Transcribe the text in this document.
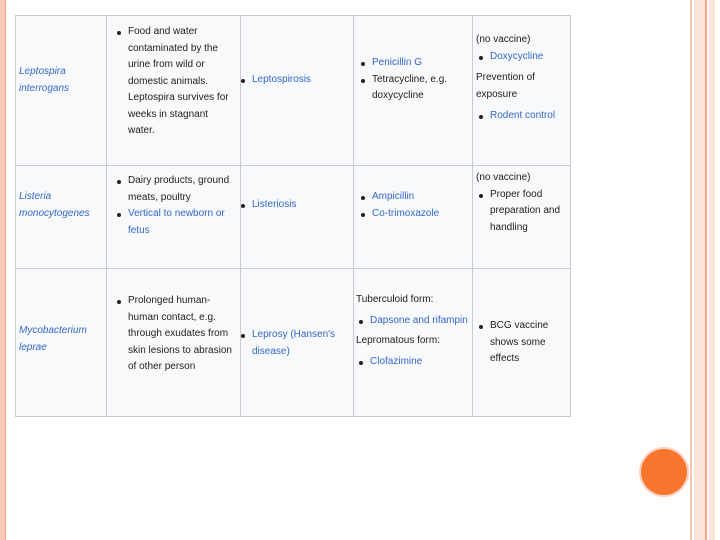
Leptospira interrogans
Food and water contaminated by the urine from wild or domestic animals. Leptospira survives for weeks in stagnant water.
Leptospirosis
Penicillin G
Tetracycline, e.g. doxycycline

(no vaccine)

Doxycycline

Prevention of exposure

Rodent control
Listeria monocytogenes
Dairy products, ground meats, poultry
Vertical to newborn or fetus
Listeriosis
Ampicillin
Co-trimoxazole

(no vaccine)

Proper food preparation and handling
Mycobacterium leprae
Prolonged human-human contact, e.g. through exudates from skin lesions to abrasion of other person
Leprosy (Hansen's disease)

Tuberculoid form:

Dapsone and rifampin

Lepromatous form:

Clofazimine
BCG vaccine shows some effects
